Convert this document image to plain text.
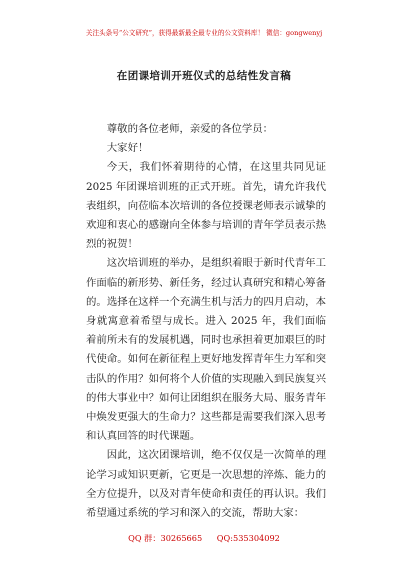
关注头条号“公文研究”，获得最新最全最专业的公文资料库！ 微信：gongwenyj
在团课培训开班仪式的总结性发言稿

尊敬的各位老师，亲爱的各位学员：

大家好！

今天，我们怀着期待的心情，在这里共同见证 2025 年团课培训班的正式开班。首先，请允许我代表组织，向莅临本次培训的各位授课老师表示诚挚的欢迎和衷心的感谢向全体参与培训的青年学员表示热烈的祝贺！

这次培训班的举办，是组织着眼于新时代青年工作面临的新形势、新任务，经过认真研究和精心筹备的。选择在这样一个充满生机与活力的四月启动，本身就寓意着希望与成长。进入 2025 年，我们面临着前所未有的发展机遇，同时也承担着更加艰巨的时代使命。如何在新征程上更好地发挥青年生力军和突击队的作用？如何将个人价值的实现融入到民族复兴的伟大事业中？如何让团组织在服务大局、服务青年中焕发更强大的生命力？这些都是需要我们深入思考和认真回答的时代课题。

因此，这次团课培训，绝不仅仅是一次简单的理论学习或知识更新，它更是一次思想的淬炼、能力的全方位提升，以及对青年使命和责任的再认识。我们希望通过系统的学习和深入的交流，帮助大家：

QQ 群：30265665 QQ:535304092
